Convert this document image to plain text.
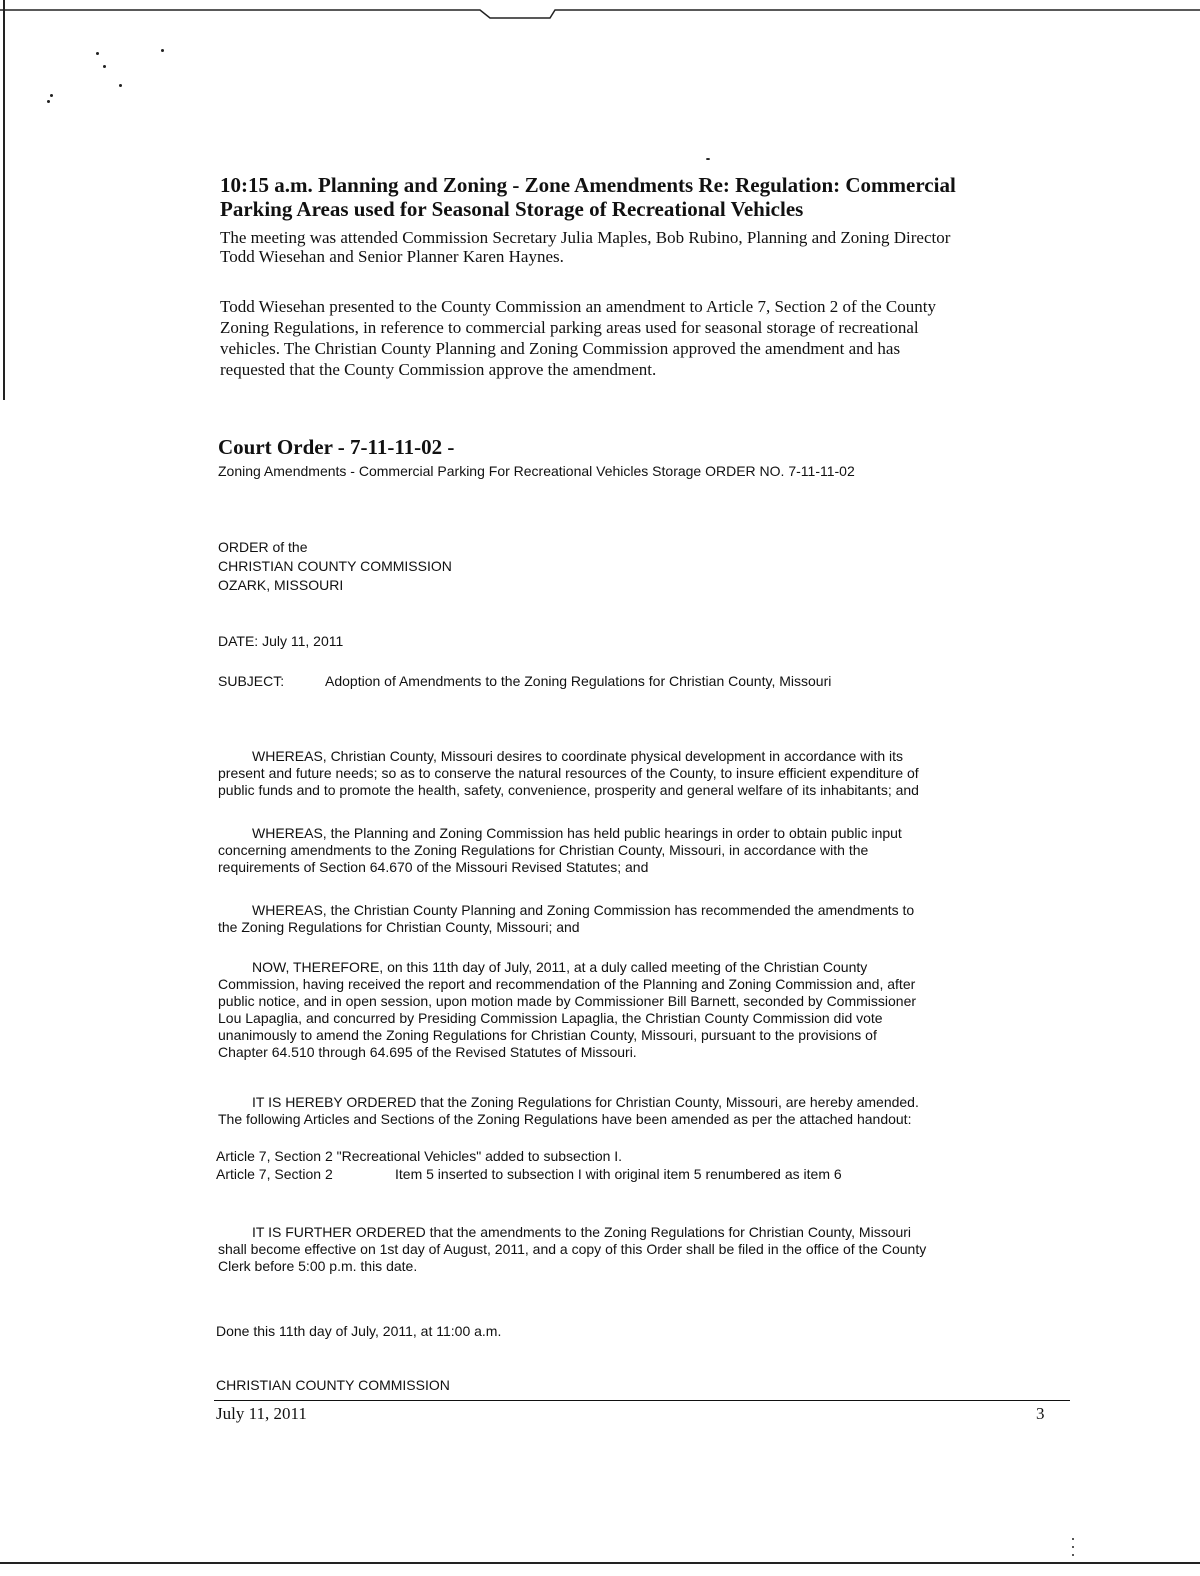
10:15 a.m. Planning and Zoning - Zone Amendments Re: Regulation: Commercial
Parking Areas used for Seasonal Storage of Recreational Vehicles
The meeting was attended Commission Secretary Julia Maples, Bob Rubino, Planning and Zoning Director
Todd Wiesehan and Senior Planner Karen Haynes.
Todd Wiesehan presented to the County Commission an amendment to Article 7, Section 2 of the County
Zoning Regulations, in reference to commercial parking areas used for seasonal storage of recreational
vehicles. The Christian County Planning and Zoning Commission approved the amendment and has
requested that the County Commission approve the amendment.
Court Order - 7-11-11-02 -
Zoning Amendments - Commercial Parking For Recreational Vehicles Storage ORDER NO. 7-11-11-02
ORDER of the
CHRISTIAN COUNTY COMMISSION
OZARK, MISSOURI
DATE: July 11, 2011
SUBJECT:	Adoption of Amendments to the Zoning Regulations for Christian County, Missouri
WHEREAS, Christian County, Missouri desires to coordinate physical development in accordance with its
present and future needs; so as to conserve the natural resources of the County, to insure efficient expenditure of
public funds and to promote the health, safety, convenience, prosperity and general welfare of its inhabitants; and
WHEREAS, the Planning and Zoning Commission has held public hearings in order to obtain public input
concerning amendments to the Zoning Regulations for Christian County, Missouri, in accordance with the
requirements of Section 64.670 of the Missouri Revised Statutes; and
WHEREAS, the Christian County Planning and Zoning Commission has recommended the amendments to
the Zoning Regulations for Christian County, Missouri; and
NOW, THEREFORE, on this 11th day of July, 2011, at a duly called meeting of the Christian County
Commission, having received the report and recommendation of the Planning and Zoning Commission and, after
public notice, and in open session, upon motion made by Commissioner Bill Barnett, seconded by Commissioner
Lou Lapaglia, and concurred by Presiding Commission Lapaglia, the Christian County Commission did vote
unanimously to amend the Zoning Regulations for Christian County, Missouri, pursuant to the provisions of
Chapter 64.510 through 64.695 of the Revised Statutes of Missouri.
IT IS HEREBY ORDERED that the Zoning Regulations for Christian County, Missouri, are hereby amended.
The following Articles and Sections of the Zoning Regulations have been amended as per the attached handout:
Article 7, Section 2 "Recreational Vehicles" added to subsection I.
Article 7, Section 2	Item 5 inserted to subsection I with original item 5 renumbered as item 6
IT IS FURTHER ORDERED that the amendments to the Zoning Regulations for Christian County, Missouri
shall become effective on 1st day of August, 2011, and a copy of this Order shall be filed in the office of the County
Clerk before 5:00 p.m. this date.
Done this 11th day of July, 2011, at 11:00 a.m.
CHRISTIAN COUNTY COMMISSION
July 11, 2011	3
